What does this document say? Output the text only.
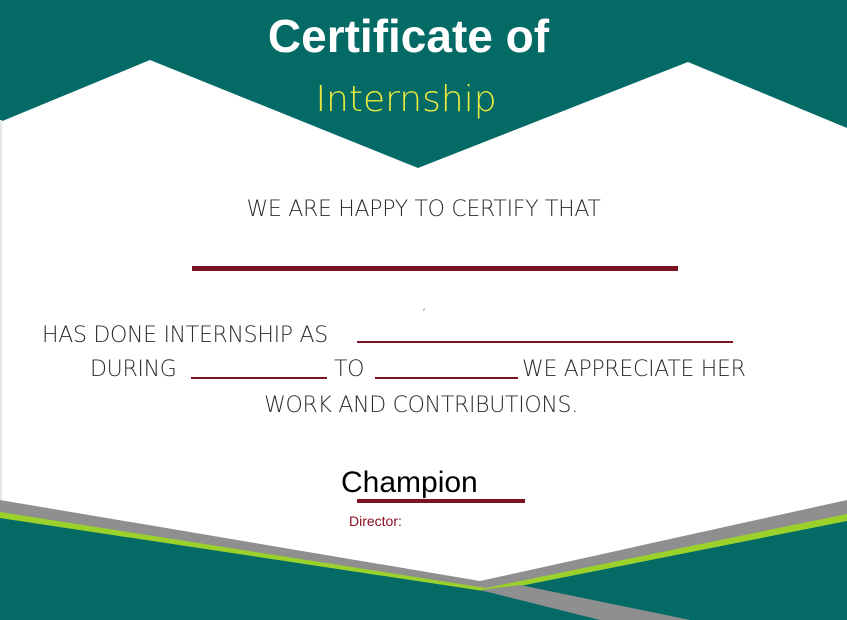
Certificate of
Internship
WE ARE HAPPY TO CERTIFY THAT
ˏ
HAS DONE INTERNSHIP AS
DURING	TO	WE APPRECIATE HER
WORK AND CONTRIBUTIONS.
Champion
Director:
